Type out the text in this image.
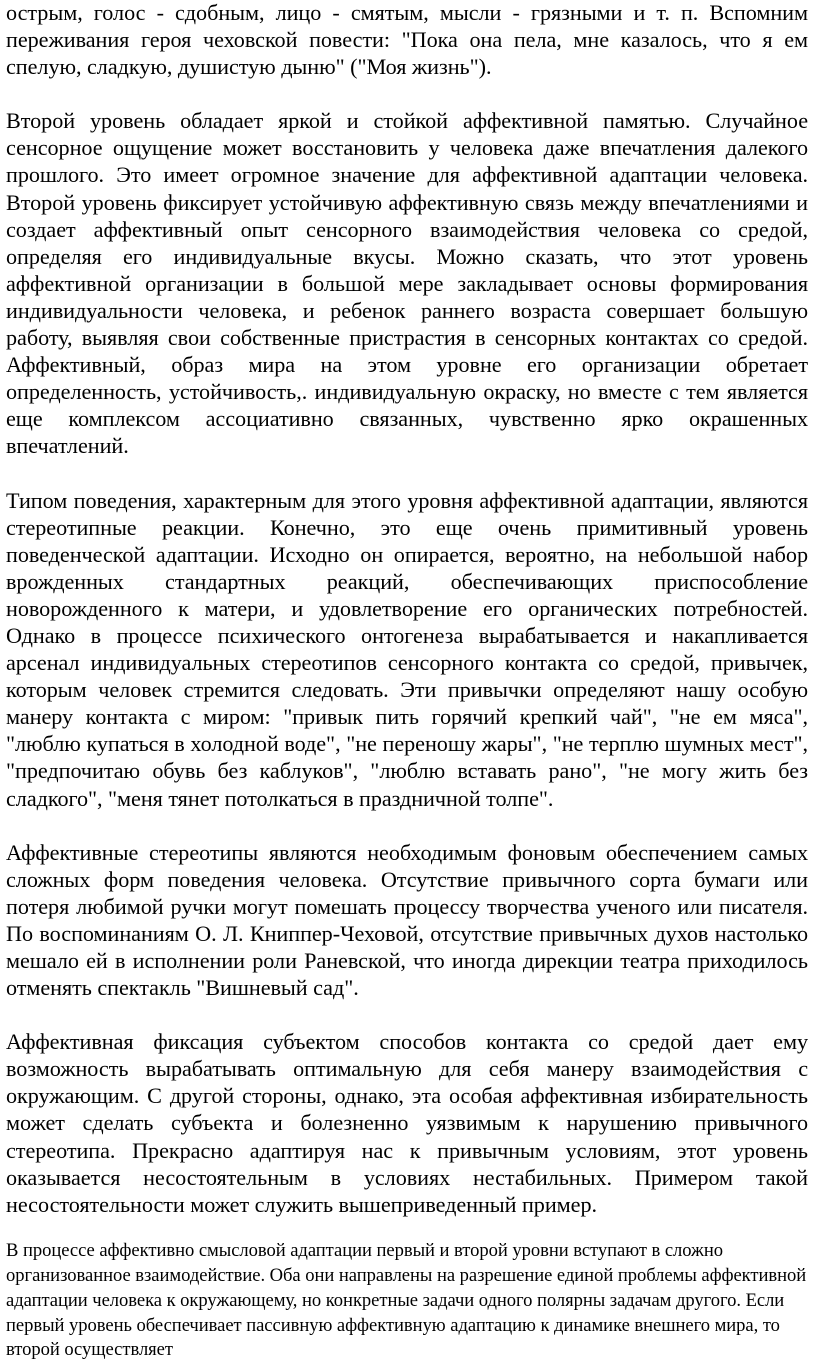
острым, голос - сдобным, лицо - смятым, мысли - грязными и т. п. Вспомним переживания героя чеховской повести: "Пока она пела, мне казалось, что я ем спелую, сладкую, душистую дыню" ("Моя жизнь").

Второй уровень обладает яркой и стойкой аффективной памятью. Случайное сенсорное ощущение может восстановить у человека даже впечатления далекого прошлого. Это имеет огромное значение для аффективной адаптации человека. Второй уровень фиксирует устойчивую аффективную связь между впечатлениями и создает аффективный опыт сенсорного взаимодействия человека со средой, определяя его индивидуальные вкусы. Можно сказать, что этот уровень аффективной организации в большой мере закладывает основы формирования индивидуальности человека, и ребенок раннего возраста совершает большую работу, выявляя свои собственные пристрастия в сенсорных контактах со средой. Аффективный, образ мира на этом уровне его организации обретает определенность, устойчивость,. индивидуальную окраску, но вместе с тем является еще комплексом ассоциативно связанных, чувственно ярко окрашенных впечатлений.

Типом поведения, характерным для этого уровня аффективной адаптации, являются стереотипные реакции. Конечно, это еще очень примитивный уровень поведенческой адаптации. Исходно он опирается, вероятно, на небольшой набор врожденных стандартных реакций, обеспечивающих приспособление новорожденного к матери, и удовлетворение его органических потребностей. Однако в процессе психического онтогенеза вырабатывается и накапливается арсенал индивидуальных стереотипов сенсорного контакта со средой, привычек, которым человек стремится следовать. Эти привычки определяют нашу особую манеру контакта с миром: "привык пить горячий крепкий чай", "не ем мяса", "люблю купаться в холодной воде", "не переношу жары", "не терплю шумных мест", "предпочитаю обувь без каблуков", "люблю вставать рано", "не могу жить без сладкого", "меня тянет потолкаться в праздничной толпе".

Аффективные стереотипы являются необходимым фоновым обеспечением самых сложных форм поведения человека. Отсутствие привычного сорта бумаги или потеря любимой ручки могут помешать процессу творчества ученого или писателя. По воспоминаниям О. Л. Книппер-Чеховой, отсутствие привычных духов настолько мешало ей в исполнении роли Раневской, что иногда дирекции театра приходилось отменять спектакль "Вишневый сад".

Аффективная фиксация субъектом способов контакта со средой дает ему возможность вырабатывать оптимальную для себя манеру взаимодействия с окружающим. С другой стороны, однако, эта особая аффективная избирательность может сделать субъекта и болезненно уязвимым к нарушению привычного стереотипа. Прекрасно адаптируя нас к привычным условиям, этот уровень оказывается несостоятельным в условиях нестабильных. Примером такой несостоятельности может служить вышеприведенный пример.

В процессе аффективно смысловой адаптации первый и второй уровни вступают в сложно организованное взаимодействие. Оба они направлены на разрешение единой проблемы аффективной адаптации человека к окружающему, но конкретные задачи одного полярны задачам другого. Если первый уровень обеспечивает пассивную аффективную адаптацию к динамике внешнего мира, то второй осуществляет
